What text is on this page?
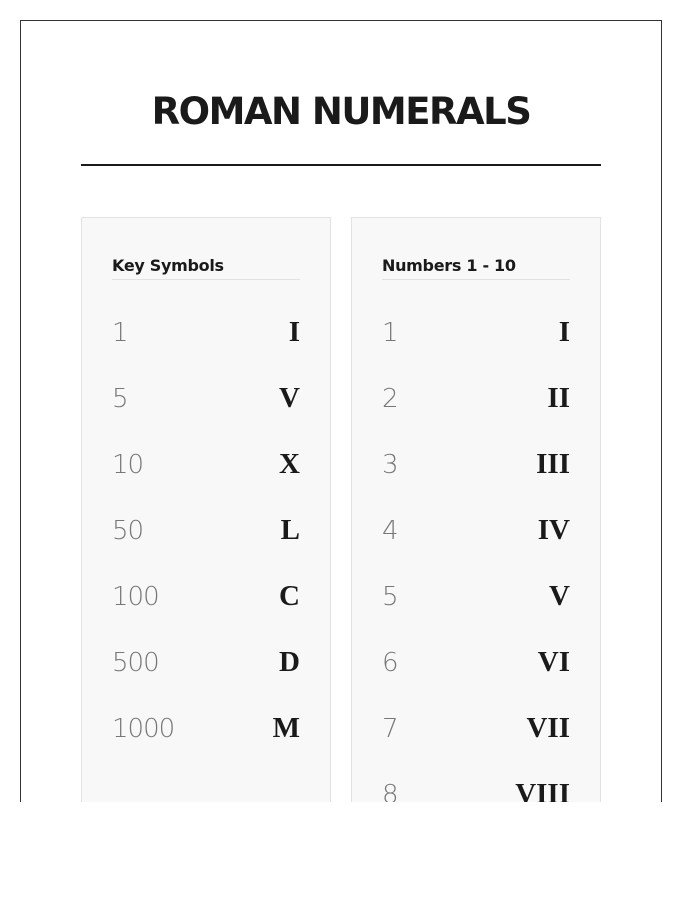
ROMAN NUMERALS
Key Symbols
1	I
5	V
10	X
50	L
100	C
500	D
1000	M
Numbers 1 - 10
1	I
2	II
3	III
4	IV
5	V
6	VI
7	VII
8	VIII
